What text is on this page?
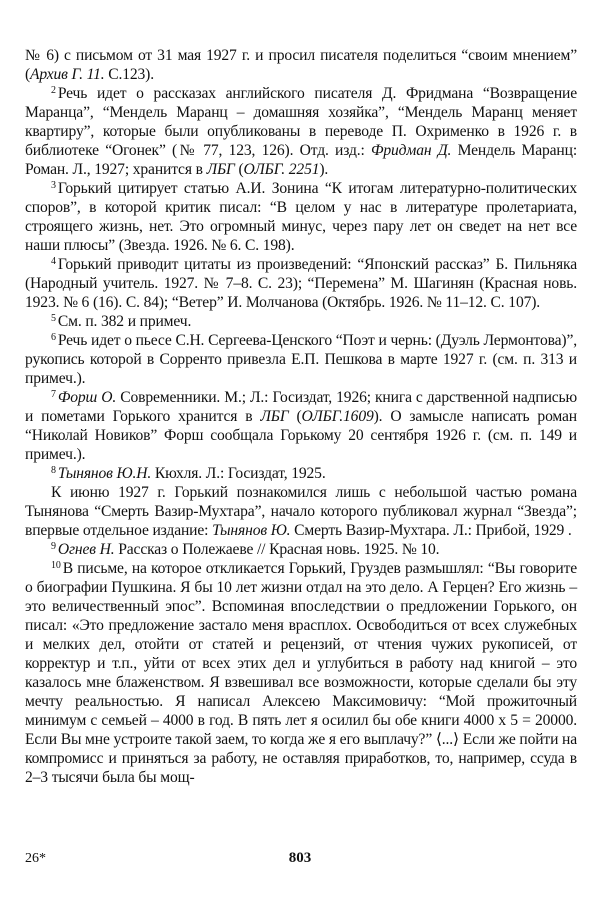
№ 6) с письмом от 31 мая 1927 г. и просил писателя поделиться “своим мнением” (Архив Г. 11. С.123).

$^2$ Речь идет о рассказах английского писателя Д. Фридмана “Возвращение Маранца”, “Мендель Маранц – домашняя хозяйка”, “Мендель Маранц меняет квартиру”, которые были опубликованы в переводе П. Охрименко в 1926 г. в библиотеке “Огонек” (№ 77, 123, 126). Отд. изд.: Фридман Д. Мендель Маранц: Роман. Л., 1927; хранится в ЛБГ (ОЛБГ. 2251).

$^3$ Горький цитирует статью А.И. Зонина “К итогам литературно-политических споров”, в которой критик писал: “В целом у нас в литературе пролетариата, строящего жизнь, нет. Это огромный минус, через пару лет он сведет на нет все наши плюсы” (Звезда. 1926. № 6. С. 198).

$^4$ Горький приводит цитаты из произведений: “Японский рассказ” Б. Пильняка (Народный учитель. 1927. № 7–8. С. 23); “Перемена” М. Шагинян (Красная новь. 1923. № 6 (16). С. 84); “Ветер” И. Молчанова (Октябрь. 1926. № 11–12. С. 107).

$^5$ См. п. 382 и примеч.

$^6$ Речь идет о пьесе С.Н. Сергеева-Ценского “Поэт и чернь: (Дуэль Лермонтова)”, рукопись которой в Сорренто привезла Е.П. Пешкова в марте 1927 г. (см. п. 313 и примеч.).

$^7$ Форш О. Современники. М.; Л.: Госиздат, 1926; книга с дарственной надписью и пометами Горького хранится в ЛБГ (ОЛБГ.1609). О замысле написать роман “Николай Новиков” Форш сообщала Горькому 20 сентября 1926 г. (см. п. 149 и примеч.).

$^8$ Тынянов Ю.Н. Кюхля. Л.: Госиздат, 1925.

К июню 1927 г. Горький познакомился лишь с небольшой частью романа Тынянова “Смерть Вазир-Мухтара”, начало которого публиковал журнал “Звезда”; впервые отдельное издание: Тынянов Ю. Смерть Вазир-Мухтара. Л.: Прибой, 1929 .

$^9$ Огнев Н. Рассказ о Полежаеве // Красная новь. 1925. № 10.

$^{10}$ В письме, на которое откликается Горький, Груздев размышлял: “Вы говорите о биографии Пушкина. Я бы 10 лет жизни отдал на это дело. А Герцен? Его жизнь – это величественный эпос”. Вспоминая впоследствии о предложении Горького, он писал: «Это предложение застало меня врасплох. Освободиться от всех служебных и мелких дел, отойти от статей и рецензий, от чтения чужих рукописей, от корректур и т.п., уйти от всех этих дел и углубиться в работу над книгой – это казалось мне блаженством. Я взвешивал все возможности, которые сделали бы эту мечту реальностью. Я написал Алексею Максимовичу: “Мой прожиточный минимум с семьей – 4000 в год. В пять лет я осилил бы обе книги 4000 х 5 = 20000. Если Вы мне устроите такой заем, то когда же я его выплачу?” ⟨...⟩ Если же пойти на компромисс и приняться за работу, не оставляя приработков, то, например, ссуда в 2–3 тысячи была бы мощ-

26*	803
